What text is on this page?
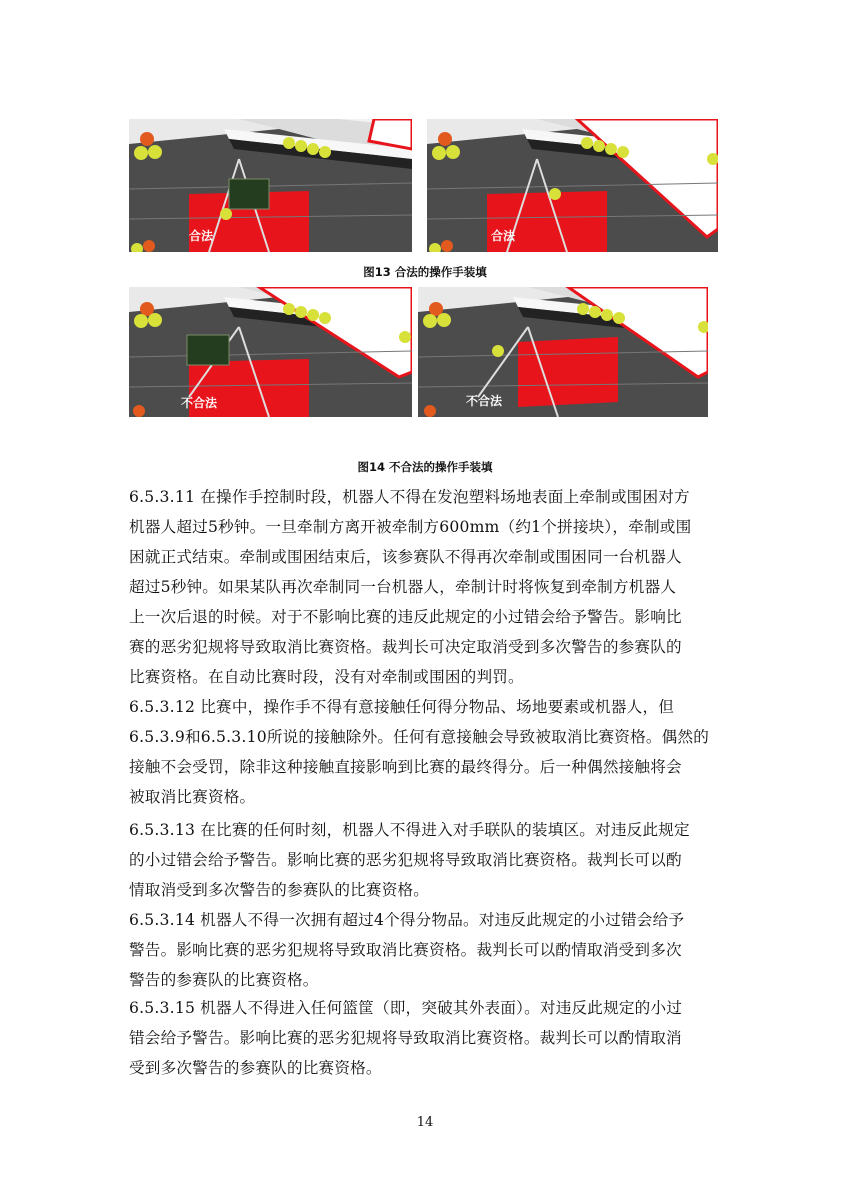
合法	合法
图13 合法的操作手装填
不合法	不合法
图14 不合法的操作手装填
6.5.3.11 在操作手控制时段，机器人不得在发泡塑料场地表面上牵制或围困对方
机器人超过5秒钟。一旦牵制方离开被牵制方600mm（约1个拼接块），牵制或围
困就正式结束。牵制或围困结束后，该参赛队不得再次牵制或围困同一台机器人
超过5秒钟。如果某队再次牵制同一台机器人，牵制计时将恢复到牵制方机器人
上一次后退的时候。对于不影响比赛的违反此规定的小过错会给予警告。影响比
赛的恶劣犯规将导致取消比赛资格。裁判长可决定取消受到多次警告的参赛队的
比赛资格。在自动比赛时段，没有对牵制或围困的判罚。
6.5.3.12 比赛中，操作手不得有意接触任何得分物品、场地要素或机器人，但
6.5.3.9和6.5.3.10所说的接触除外。任何有意接触会导致被取消比赛资格。偶然的
接触不会受罚，除非这种接触直接影响到比赛的最终得分。后一种偶然接触将会
被取消比赛资格。
6.5.3.13 在比赛的任何时刻，机器人不得进入对手联队的装填区。对违反此规定
的小过错会给予警告。影响比赛的恶劣犯规将导致取消比赛资格。裁判长可以酌
情取消受到多次警告的参赛队的比赛资格。
6.5.3.14 机器人不得一次拥有超过4个得分物品。对违反此规定的小过错会给予
警告。影响比赛的恶劣犯规将导致取消比赛资格。裁判长可以酌情取消受到多次
警告的参赛队的比赛资格。
6.5.3.15 机器人不得进入任何篮筐（即，突破其外表面）。对违反此规定的小过
错会给予警告。影响比赛的恶劣犯规将导致取消比赛资格。裁判长可以酌情取消
受到多次警告的参赛队的比赛资格。
14
